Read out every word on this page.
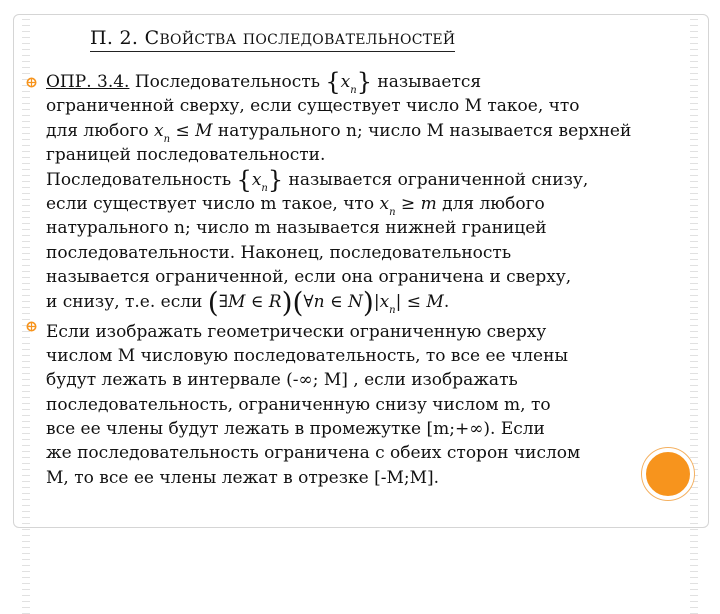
П. 2. СВОЙСТВА ПОСЛЕДОВАТЕЛЬНОСТЕЙ
ОПР. 3.4. Последовательность $\{x_n\}$ называется
ограниченной сверху, если существует число М такое, что
для любого $x_n \le M$ натурального n; число М называется верхней
границей последовательности.
Последовательность $\{x_n\}$ называется ограниченной снизу,
если существует число m такое, что $x_n \ge m$ для любого
натурального n; число m называется нижней границей
последовательности. Наконец, последовательность
называется ограниченной, если она ограничена и сверху,
и снизу, т.е. если (∃M ∈ R)(∀n ∈ $N)|x_n| \le M$.
Если изображать геометрически ограниченную сверху
числом М числовую последовательность, то все ее члены
будут лежать в интервале (-∞; М] , если изображать
последовательность, ограниченную снизу числом m, то
все ее члены будут лежать в промежутке [m;+∞). Если
же последовательность ограничена с обеих сторон числом
М, то все ее члены лежат в отрезке [-М;М].
